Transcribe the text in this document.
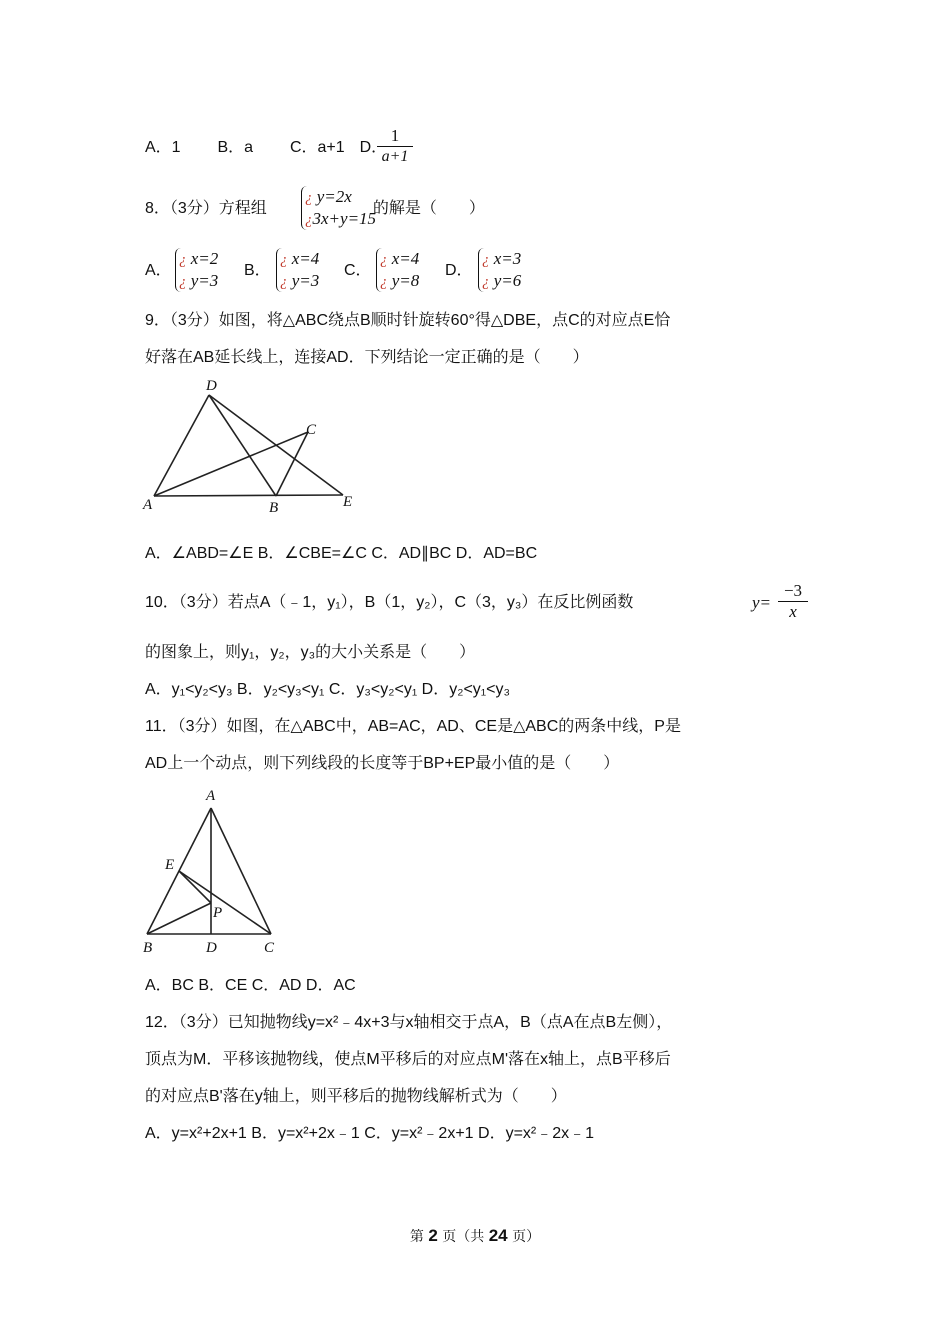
A．1 B．a C．a+1 D．
$\frac{1}{a+1}$
8．（3分）方程组	的解是（　　）
¿ y=2x
¿3x+y=15
A．
¿ x=2
¿ y=3
B．
¿ x=4
¿ y=3
C．
¿ x=4
¿ y=8
D．
¿ x=3
¿ y=6
9．（3分）如图，将△ABC绕点B顺时针旋转60°得△DBE，点C的对应点E恰
好落在AB延长线上，连接AD．下列结论一定正确的是（　　）
D
C
A	B	E
A．∠ABD=∠E B．∠CBE=∠C C．AD∥BC D．AD=BC
10．（3分）若点A（﹣1，y₁），B（1，y₂），C（3，y₃）在反比例函数	$y= \frac{-3}{x}$
的图象上，则y₁，y₂，y₃的大小关系是（　　）
A．y₁<y₂<y₃ B．y₂<y₃<y₁ C．y₃<y₂<y₁ D．y₂<y₁<y₃
11．（3分）如图，在△ABC中，AB=AC，AD、CE是△ABC的两条中线，P是
AD上一个动点，则下列线段的长度等于BP+EP最小值的是（　　）
A
E
P
B	D	C
A．BC B．CE C．AD D．AC
12．（3分）已知抛物线y=x²﹣4x+3与x轴相交于点A，B（点A在点B左侧），
顶点为M．平移该抛物线，使点M平移后的对应点M'落在x轴上，点B平移后
的对应点B'落在y轴上，则平移后的抛物线解析式为（　　）
A．y=x²+2x+1 B．y=x²+2x﹣1 C．y=x²﹣2x+1 D．y=x²﹣2x﹣1
第 2 页（共 24 页）
